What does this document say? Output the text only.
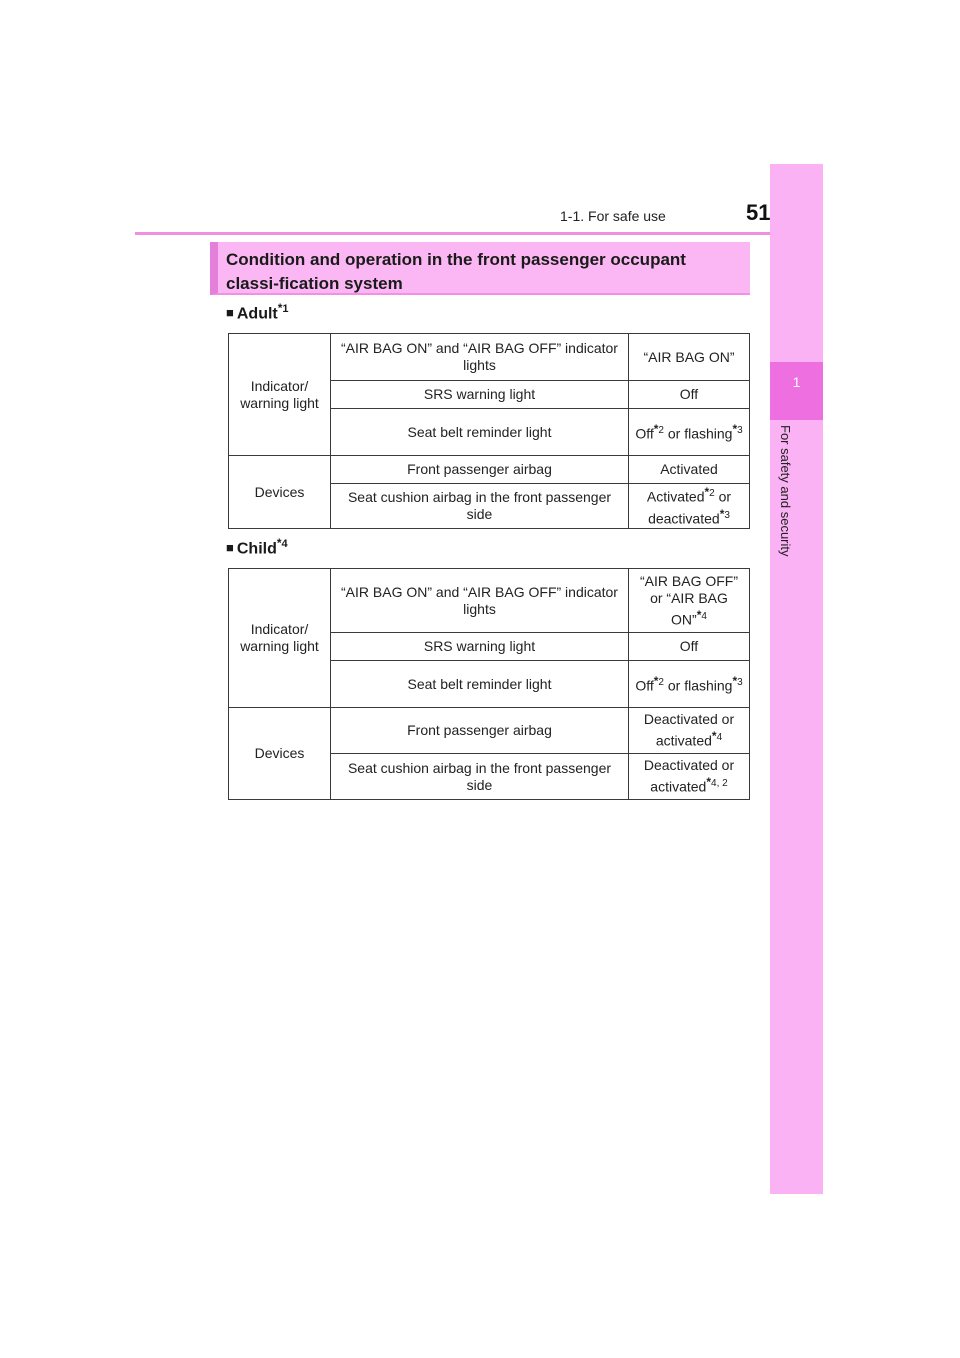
1-1. For safe use	51
1
For safety and security
Condition and operation in the front passenger occupant classi-fication system
■ Adult$^{*1}$
Indicator/ warning light	“AIR BAG ON” and “AIR BAG OFF” indicator lights	“AIR BAG ON”
	SRS warning light	Off
	Seat belt reminder light	Off$^{*2}$ or flashing$^{*3}$
Devices	Front passenger airbag	Activated
	Seat cushion airbag in the front passenger side	Activated$^{*2}$ or deactivated$^{*3}$
■ Child$^{*4}$
Indicator/ warning light	“AIR BAG ON” and “AIR BAG OFF” indicator lights	“AIR BAG OFF” or “AIR BAG ON”$^{*4}$
	SRS warning light	Off
	Seat belt reminder light	Off$^{*2}$ or flashing$^{*3}$
Devices	Front passenger airbag	Deactivated or activated$^{*4}$
	Seat cushion airbag in the front passenger side	Deactivated or activated$^{*4, 2}$
